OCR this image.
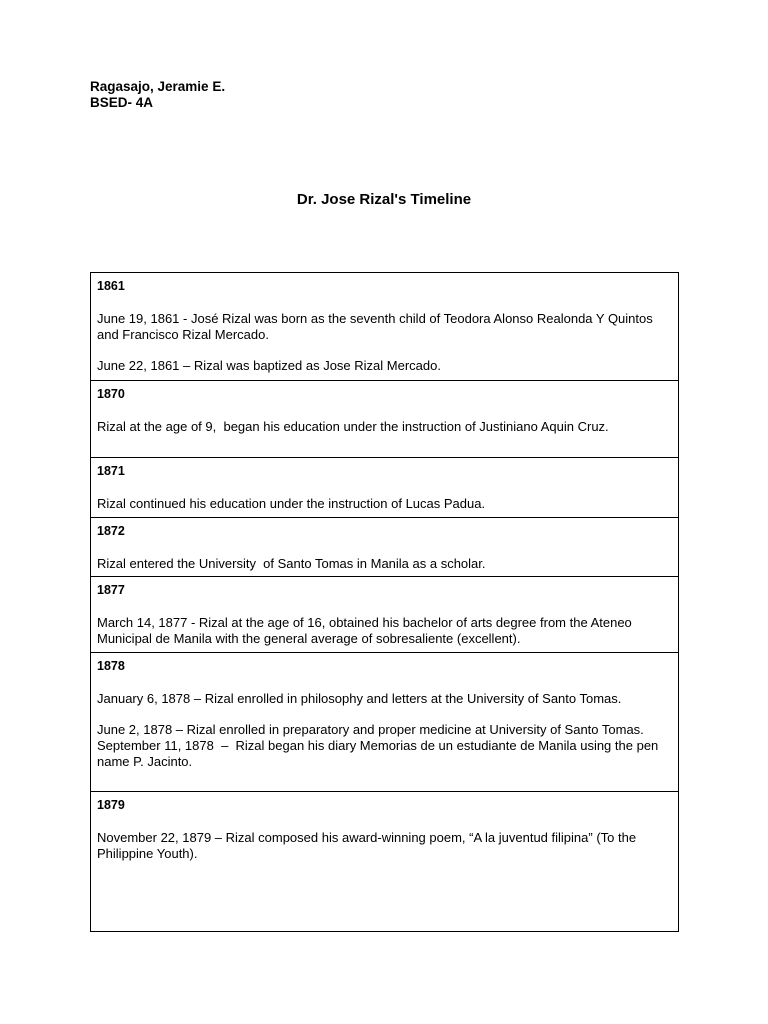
Ragasajo, Jeramie E.
BSED- 4A
Dr. Jose Rizal's Timeline
1861
June 19, 1861 - José Rizal was born as the seventh child of Teodora Alonsо Realonda Y Quintos and Francisco Rizal Mercado.
June 22, 1861 – Rizal was baptized as Jose Rizal Mercado.
1870
Rizal at the age of 9,  began his education under the instruction of Justiniano Aquin Cruz.
1871
Rizal continued his education under the instruction of Lucas Padua.
1872
Rizal entered the University  of Santo Tomas in Manila as a scholar.
1877
March 14, 1877 - Rizal at the age of 16, obtained his bachelor of arts degree from the Ateneo Municipal de Manila with the general average of sobresaliente (excellent).
1878
January 6, 1878 – Rizal enrolled in philosophy and letters at the University of Santo Tomas.
June 2, 1878 – Rizal enrolled in preparatory and proper medicine at University of Santo Tomas.
September 11, 1878  –  Rizal began his diary Memorias de un estudiante de Manila using the pen name P. Jacinto.
1879
November 22, 1879 – Rizal composed his award-winning poem, “A la juventud filipina” (To the Philippine Youth).
